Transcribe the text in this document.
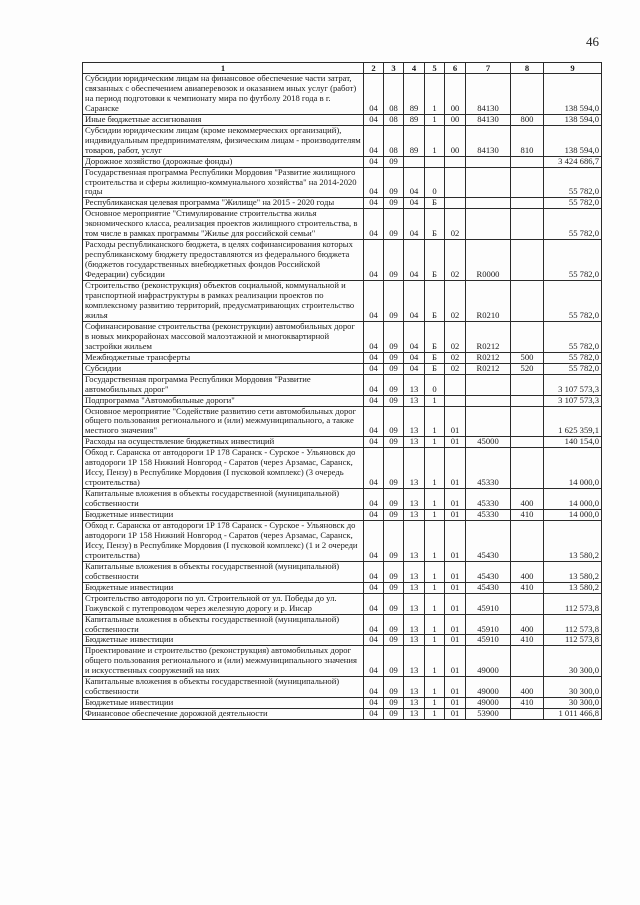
46
1	2	3	4	5	6	7	8	9
Субсидии юридическим лицам на финансовое обеспечение части затрат, связанных с обеспечением авиаперевозок и оказанием иных услуг (работ) на период подготовки к чемпионату мира по футболу 2018 года в г. Саранске	04	08	89	1	00	84130		138 594,0
Иные бюджетные ассигнования	04	08	89	1	00	84130	800	138 594,0
Субсидии юридическим лицам (кроме некоммерческих организаций), индивидуальным предпринимателям, физическим лицам - производителям товаров, работ, услуг	04	08	89	1	00	84130	810	138 594,0
Дорожное хозяйство (дорожные фонды)	04	09						3 424 686,7
Государственная программа Республики Мордовия "Развитие жилищного строительства и сферы жилищно-коммунального хозяйства" на 2014-2020 годы	04	09	04	0				55 782,0
Республиканская целевая программа "Жилище" на 2015 - 2020 годы	04	09	04	Б				55 782,0
Основное мероприятие "Стимулирование строительства жилья экономического класса, реализация проектов жилищного строительства, в том числе в рамках программы "Жилье для российской семьи"	04	09	04	Б	02			55 782,0
Расходы республиканского бюджета, в целях софинансирования которых республиканскому бюджету предоставляются из федерального бюджета (бюджетов государственных внебюджетных фондов Российской Федерации) субсидии	04	09	04	Б	02	R0000		55 782,0
Строительство (реконструкция) объектов социальной, коммунальной и транспортной инфраструктуры в рамках реализации проектов по комплексному развитию территорий, предусматривающих строительство жилья	04	09	04	Б	02	R0210		55 782,0
Софинансирование строительства (реконструкции) автомобильных дорог в новых микрорайонах массовой малоэтажной и многоквартирной застройки жильем	04	09	04	Б	02	R0212		55 782,0
Межбюджетные трансферты	04	09	04	Б	02	R0212	500	55 782,0
Субсидии	04	09	04	Б	02	R0212	520	55 782,0
Государственная программа Республики Мордовия "Развитие автомобильных дорог"	04	09	13	0				3 107 573,3
Подпрограмма "Автомобильные дороги"	04	09	13	1				3 107 573,3
Основное мероприятие "Содействие развитию сети автомобильных дорог общего пользования регионального и (или) межмуниципального, а также местного значения"	04	09	13	1	01			1 625 359,1
Расходы на осуществление бюджетных инвестиций	04	09	13	1	01	45000		140 154,0
Обход г. Саранска от автодороги 1Р 178 Саранск - Сурское - Ульяновск до автодороги 1Р 158 Нижний Новгород - Саратов (через Арзамас, Саранск, Иссу, Пензу) в Республике Мордовия (I пусковой комплекс) (3 очередь строительства)	04	09	13	1	01	45330		14 000,0
Капитальные вложения в объекты государственной (муниципальной) собственности	04	09	13	1	01	45330	400	14 000,0
Бюджетные инвестиции	04	09	13	1	01	45330	410	14 000,0
Обход г. Саранска от автодороги 1Р 178 Саранск - Сурское - Ульяновск до автодороги 1Р 158 Нижний Новгород - Саратов (через Арзамас, Саранск, Иссу, Пензу) в Республике Мордовия (I пусковой комплекс) (1 и 2 очереди строительства)	04	09	13	1	01	45430		13 580,2
Капитальные вложения в объекты государственной (муниципальной) собственности	04	09	13	1	01	45430	400	13 580,2
Бюджетные инвестиции	04	09	13	1	01	45430	410	13 580,2
Строительство автодороги по ул. Строительной от ул. Победы до ул. Гожувской с путепроводом через железную дорогу и р. Инсар	04	09	13	1	01	45910		112 573,8
Капитальные вложения в объекты государственной (муниципальной) собственности	04	09	13	1	01	45910	400	112 573,8
Бюджетные инвестиции	04	09	13	1	01	45910	410	112 573,8
Проектирование и строительство (реконструкция) автомобильных дорог общего пользования регионального и (или) межмуниципального значения и искусственных сооружений на них	04	09	13	1	01	49000		30 300,0
Капитальные вложения в объекты государственной (муниципальной) собственности	04	09	13	1	01	49000	400	30 300,0
Бюджетные инвестиции	04	09	13	1	01	49000	410	30 300,0
Финансовое обеспечение дорожной деятельности	04	09	13	1	01	53900		1 011 466,8
